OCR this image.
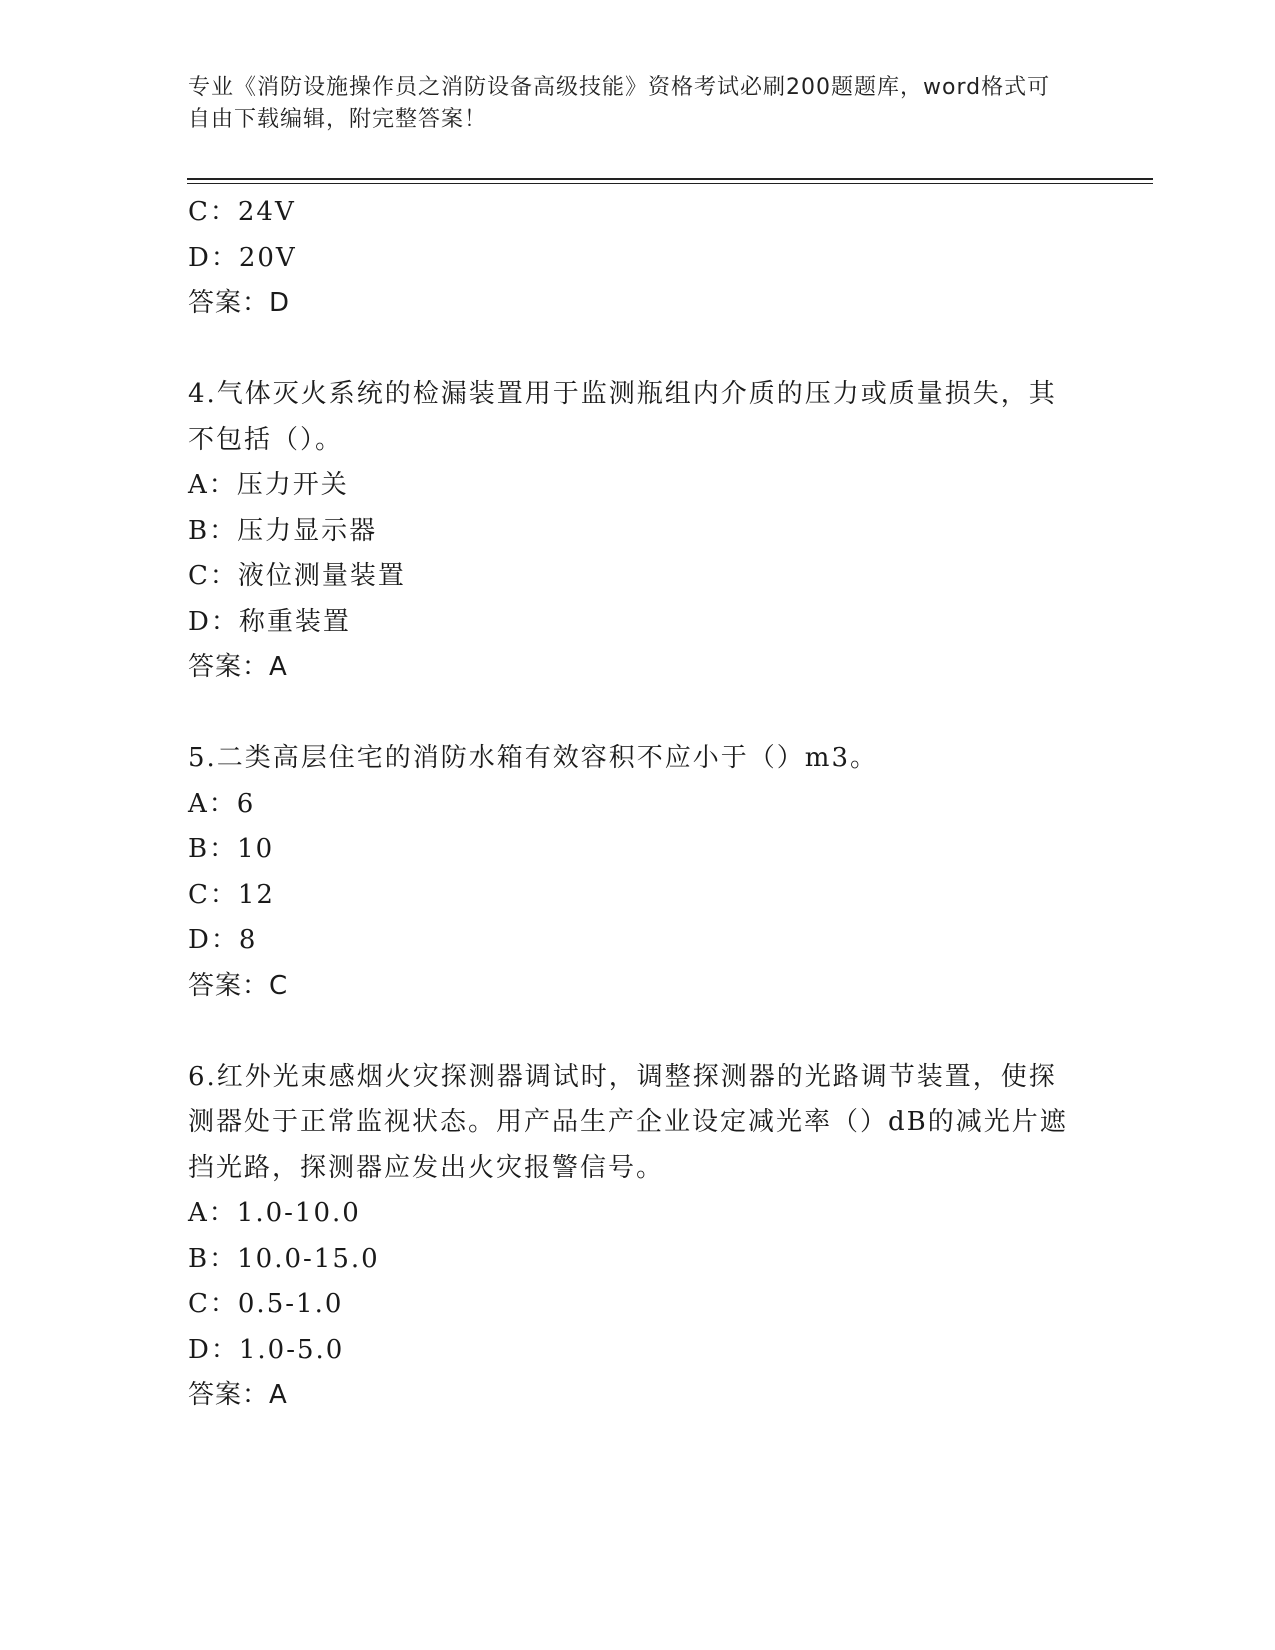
专业《消防设施操作员之消防设备高级技能》资格考试必刷200题题库，word格式可自由下载编辑，附完整答案！
C：24V
D：20V
答案：D
4.气体灭火系统的检漏装置用于监测瓶组内介质的压力或质量损失，其不包括（）。
A：压力开关
B：压力显示器
C：液位测量装置
D：称重装置
答案：A
5.二类高层住宅的消防水箱有效容积不应小于（）m3。
A：6
B：10
C：12
D：8
答案：C
6.红外光束感烟火灾探测器调试时，调整探测器的光路调节装置，使探测器处于正常监视状态。用产品生产企业设定减光率（）dB的减光片遮挡光路，探测器应发出火灾报警信号。
A：1.0-10.0
B：10.0-15.0
C：0.5-1.0
D：1.0-5.0
答案：A
